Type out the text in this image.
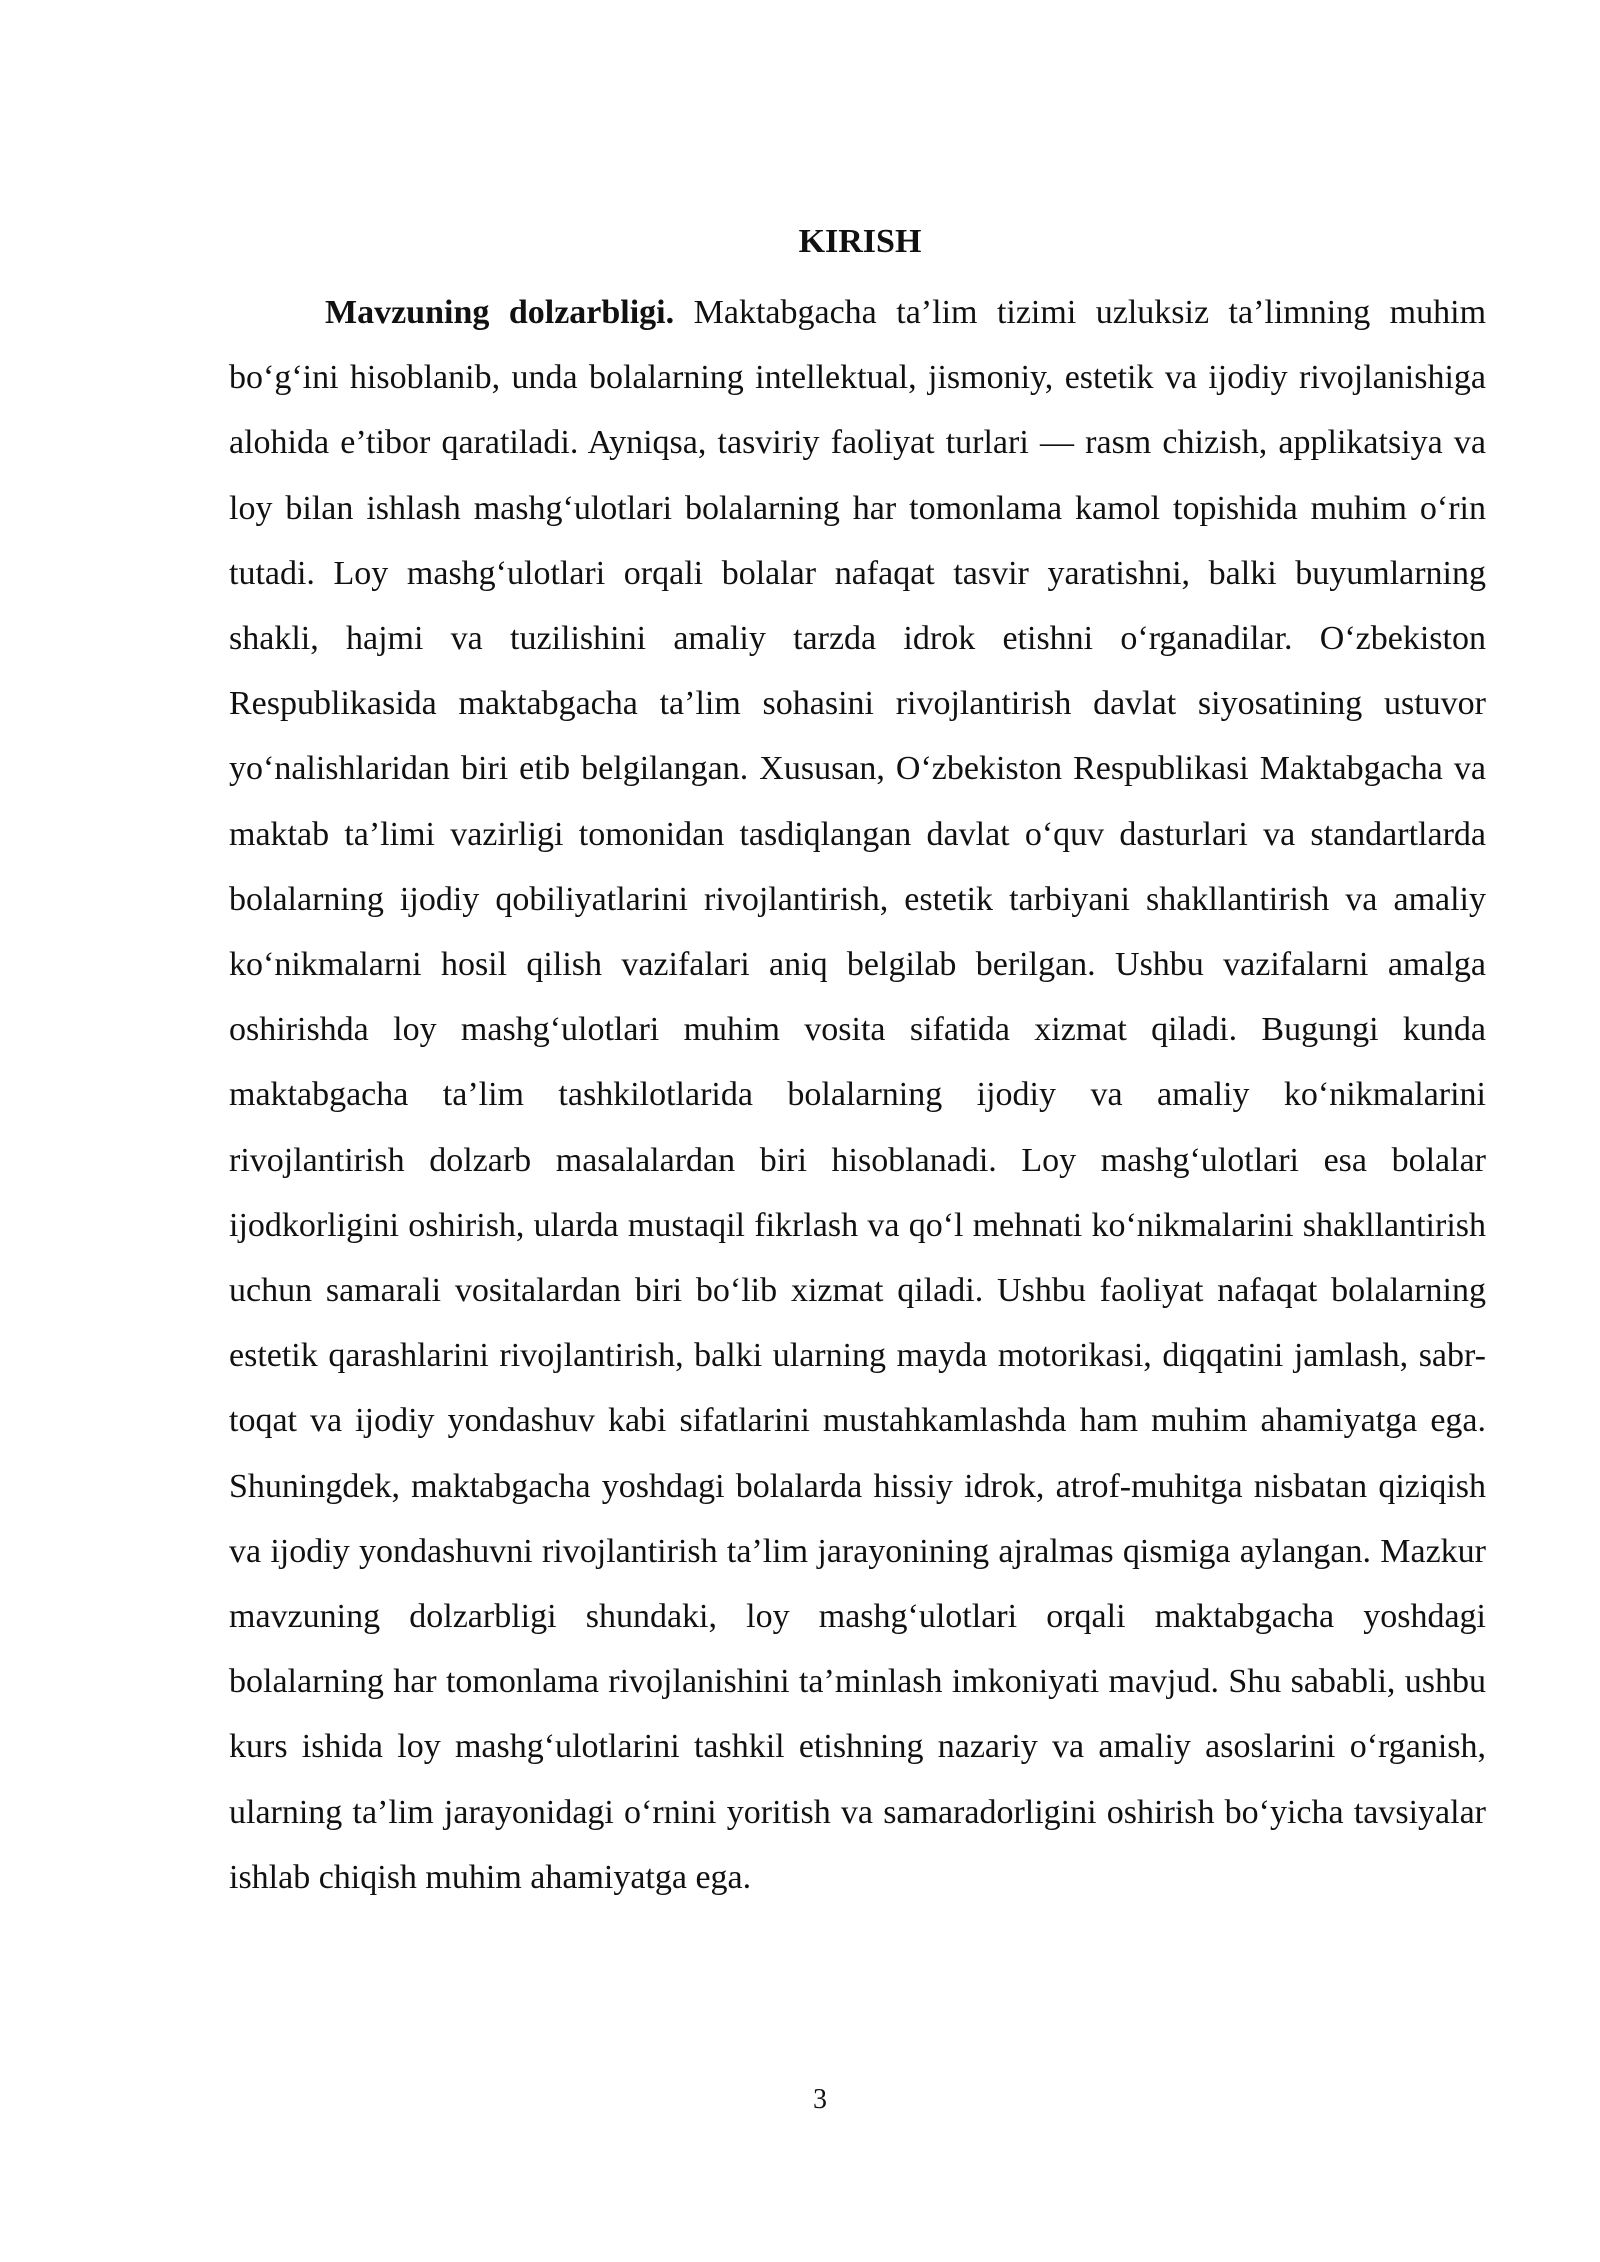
KIRISH

Mavzuning dolzarbligi. Maktabgacha ta’lim tizimi uzluksiz ta’limning muhim bo‘g‘ini hisoblanib, unda bolalarning intellektual, jismoniy, estetik va ijodiy rivojlanishiga alohida e’tibor qaratiladi. Ayniqsa, tasviriy faoliyat turlari — rasm chizish, applikatsiya va loy bilan ishlash mashg‘ulotlari bolalarning har tomonlama kamol topishida muhim o‘rin tutadi. Loy mashg‘ulotlari orqali bolalar nafaqat tasvir yaratishni, balki buyumlarning shakli, hajmi va tuzilishini amaliy tarzda idrok etishni o‘rganadilar. O‘zbekiston Respublikasida maktabgacha ta’lim sohasini rivojlantirish davlat siyosatining ustuvor yo‘nalishlaridan biri etib belgilangan. Xususan, O‘zbekiston Respublikasi Maktabgacha va maktab ta’limi vazirligi tomonidan tasdiqlangan davlat o‘quv dasturlari va standartlarda bolalarning ijodiy qobiliyatlarini rivojlantirish, estetik tarbiyani shakllantirish va amaliy ko‘nikmalarni hosil qilish vazifalari aniq belgilab berilgan. Ushbu vazifalarni amalga oshirishda loy mashg‘ulotlari muhim vosita sifatida xizmat qiladi. Bugungi kunda maktabgacha ta’lim tashkilotlarida bolalarning ijodiy va amaliy ko‘nikmalarini rivojlantirish dolzarb masalalardan biri hisoblanadi. Loy mashg‘ulotlari esa bolalar ijodkorligini oshirish, ularda mustaqil fikrlash va qo‘l mehnati ko‘nikmalarini shakllantirish uchun samarali vositalardan biri bo‘lib xizmat qiladi. Ushbu faoliyat nafaqat bolalarning estetik qarashlarini rivojlantirish, balki ularning mayda motorikasi, diqqatini jamlash, sabr-toqat va ijodiy yondashuv kabi sifatlarini mustahkamlashda ham muhim ahamiyatga ega. Shuningdek, maktabgacha yoshdagi bolalarda hissiy idrok, atrof-muhitga nisbatan qiziqish va ijodiy yondashuvni rivojlantirish ta’lim jarayonining ajralmas qismiga aylangan. Mazkur mavzuning dolzarbligi shundaki, loy mashg‘ulotlari orqali maktabgacha yoshdagi bolalarning har tomonlama rivojlanishini ta’minlash imkoniyati mavjud. Shu sababli, ushbu kurs ishida loy mashg‘ulotlarini tashkil etishning nazariy va amaliy asoslarini o‘rganish, ularning ta’lim jarayonidagi o‘rnini yoritish va samaradorligini oshirish bo‘yicha tavsiyalar ishlab chiqish muhim ahamiyatga ega.

3
